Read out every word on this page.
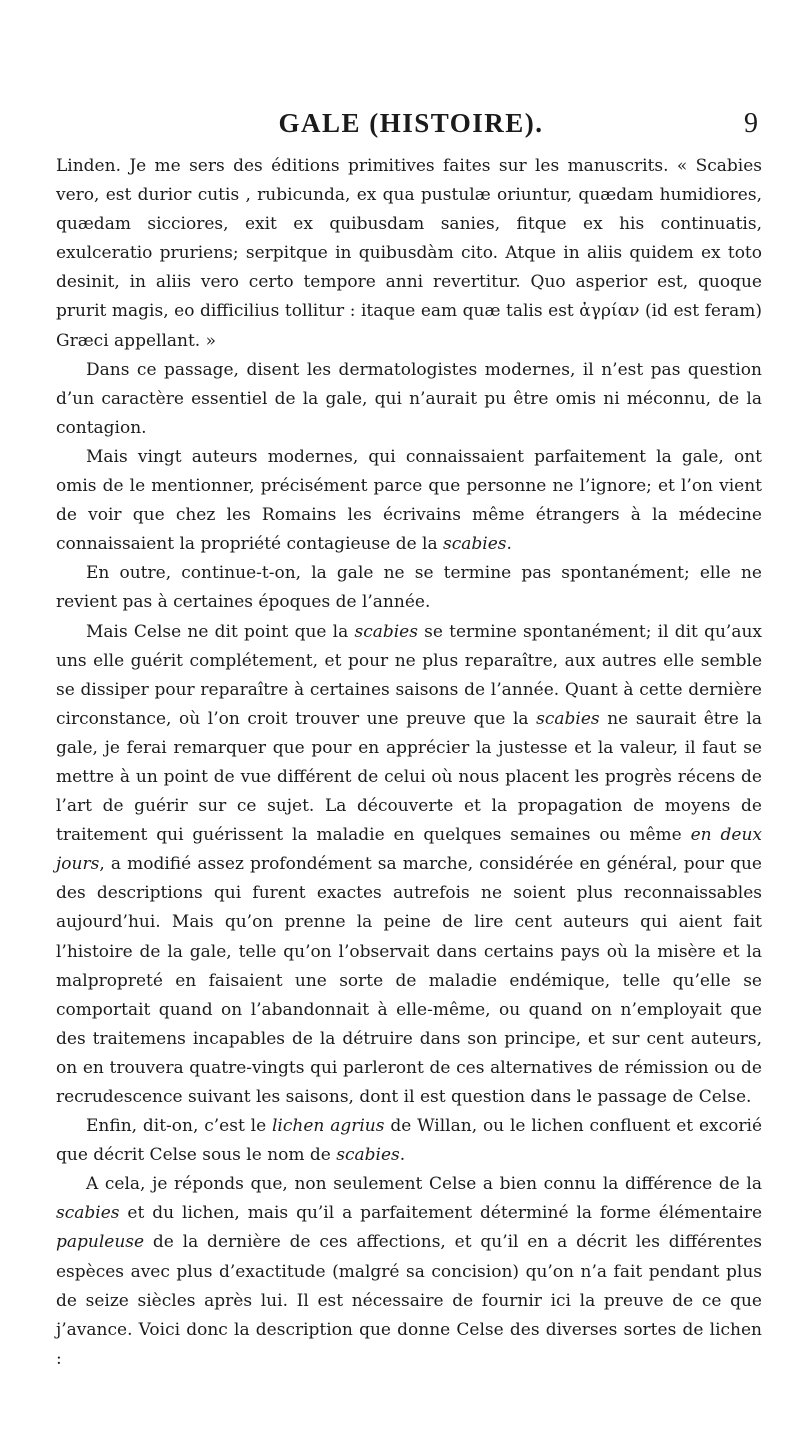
GALE (HISTOIRE).	9

Linden. Je me sers des éditions primitives faites sur les manuscrits. « Scabies vero, est durior cutis , rubicunda, ex qua pustulæ oriuntur, quædam humidiores, quædam sicciores, exit ex quibusdam sanies, fitque ex his continuatis, exulceratio pruriens; serpitque in quibusdàm cito. Atque in aliis quidem ex toto desinit, in aliis vero certo tempore anni revertitur. Quo asperior est, quoque prurit magis, eo difficilius tollitur : itaque eam quæ talis est ἀγρίαν (id est feram) Græci appellant. »

Dans ce passage, disent les dermatologistes modernes, il n’est pas question d’un caractère essentiel de la gale, qui n’aurait pu être omis ni méconnu, de la contagion.

Mais vingt auteurs modernes, qui connaissaient parfaitement la gale, ont omis de le mentionner, précisément parce que personne ne l’ignore; et l’on vient de voir que chez les Romains les écrivains même étrangers à la médecine connaissaient la propriété contagieuse de la scabies.

En outre, continue-t-on, la gale ne se termine pas spontanément; elle ne revient pas à certaines époques de l’année.

Mais Celse ne dit point que la scabies se termine spontanément; il dit qu’aux uns elle guérit complétement, et pour ne plus reparaître, aux autres elle semble se dissiper pour reparaître à certaines saisons de l’année. Quant à cette dernière circonstance, où l’on croit trouver une preuve que la scabies ne saurait être la gale, je ferai remarquer que pour en apprécier la justesse et la valeur, il faut se mettre à un point de vue différent de celui où nous placent les progrès récens de l’art de guérir sur ce sujet. La découverte et la propagation de moyens de traitement qui guérissent la maladie en quelques semaines ou même en deux jours, a modifié assez profondément sa marche, considérée en général, pour que des descriptions qui furent exactes autrefois ne soient plus reconnaissables aujourd’hui. Mais qu’on prenne la peine de lire cent auteurs qui aient fait l’histoire de la gale, telle qu’on l’observait dans certains pays où la misère et la malpropreté en faisaient une sorte de maladie endémique, telle qu’elle se comportait quand on l’abandonnait à elle-même, ou quand on n’employait que des traitemens incapables de la détruire dans son principe, et sur cent auteurs, on en trouvera quatre-vingts qui parleront de ces alternatives de rémission ou de recrudescence suivant les saisons, dont il est question dans le passage de Celse.

Enfin, dit-on, c’est le lichen agrius de Willan, ou le lichen confluent et excorié que décrit Celse sous le nom de scabies.

A cela, je réponds que, non seulement Celse a bien connu la différence de la scabies et du lichen, mais qu’il a parfaitement déterminé la forme élémentaire papuleuse de la dernière de ces affections, et qu’il en a décrit les différentes espèces avec plus d’exactitude (malgré sa concision) qu’on n’a fait pendant plus de seize siècles après lui. Il est nécessaire de fournir ici la preuve de ce que j’avance. Voici donc la description que donne Celse des diverses sortes de lichen :
